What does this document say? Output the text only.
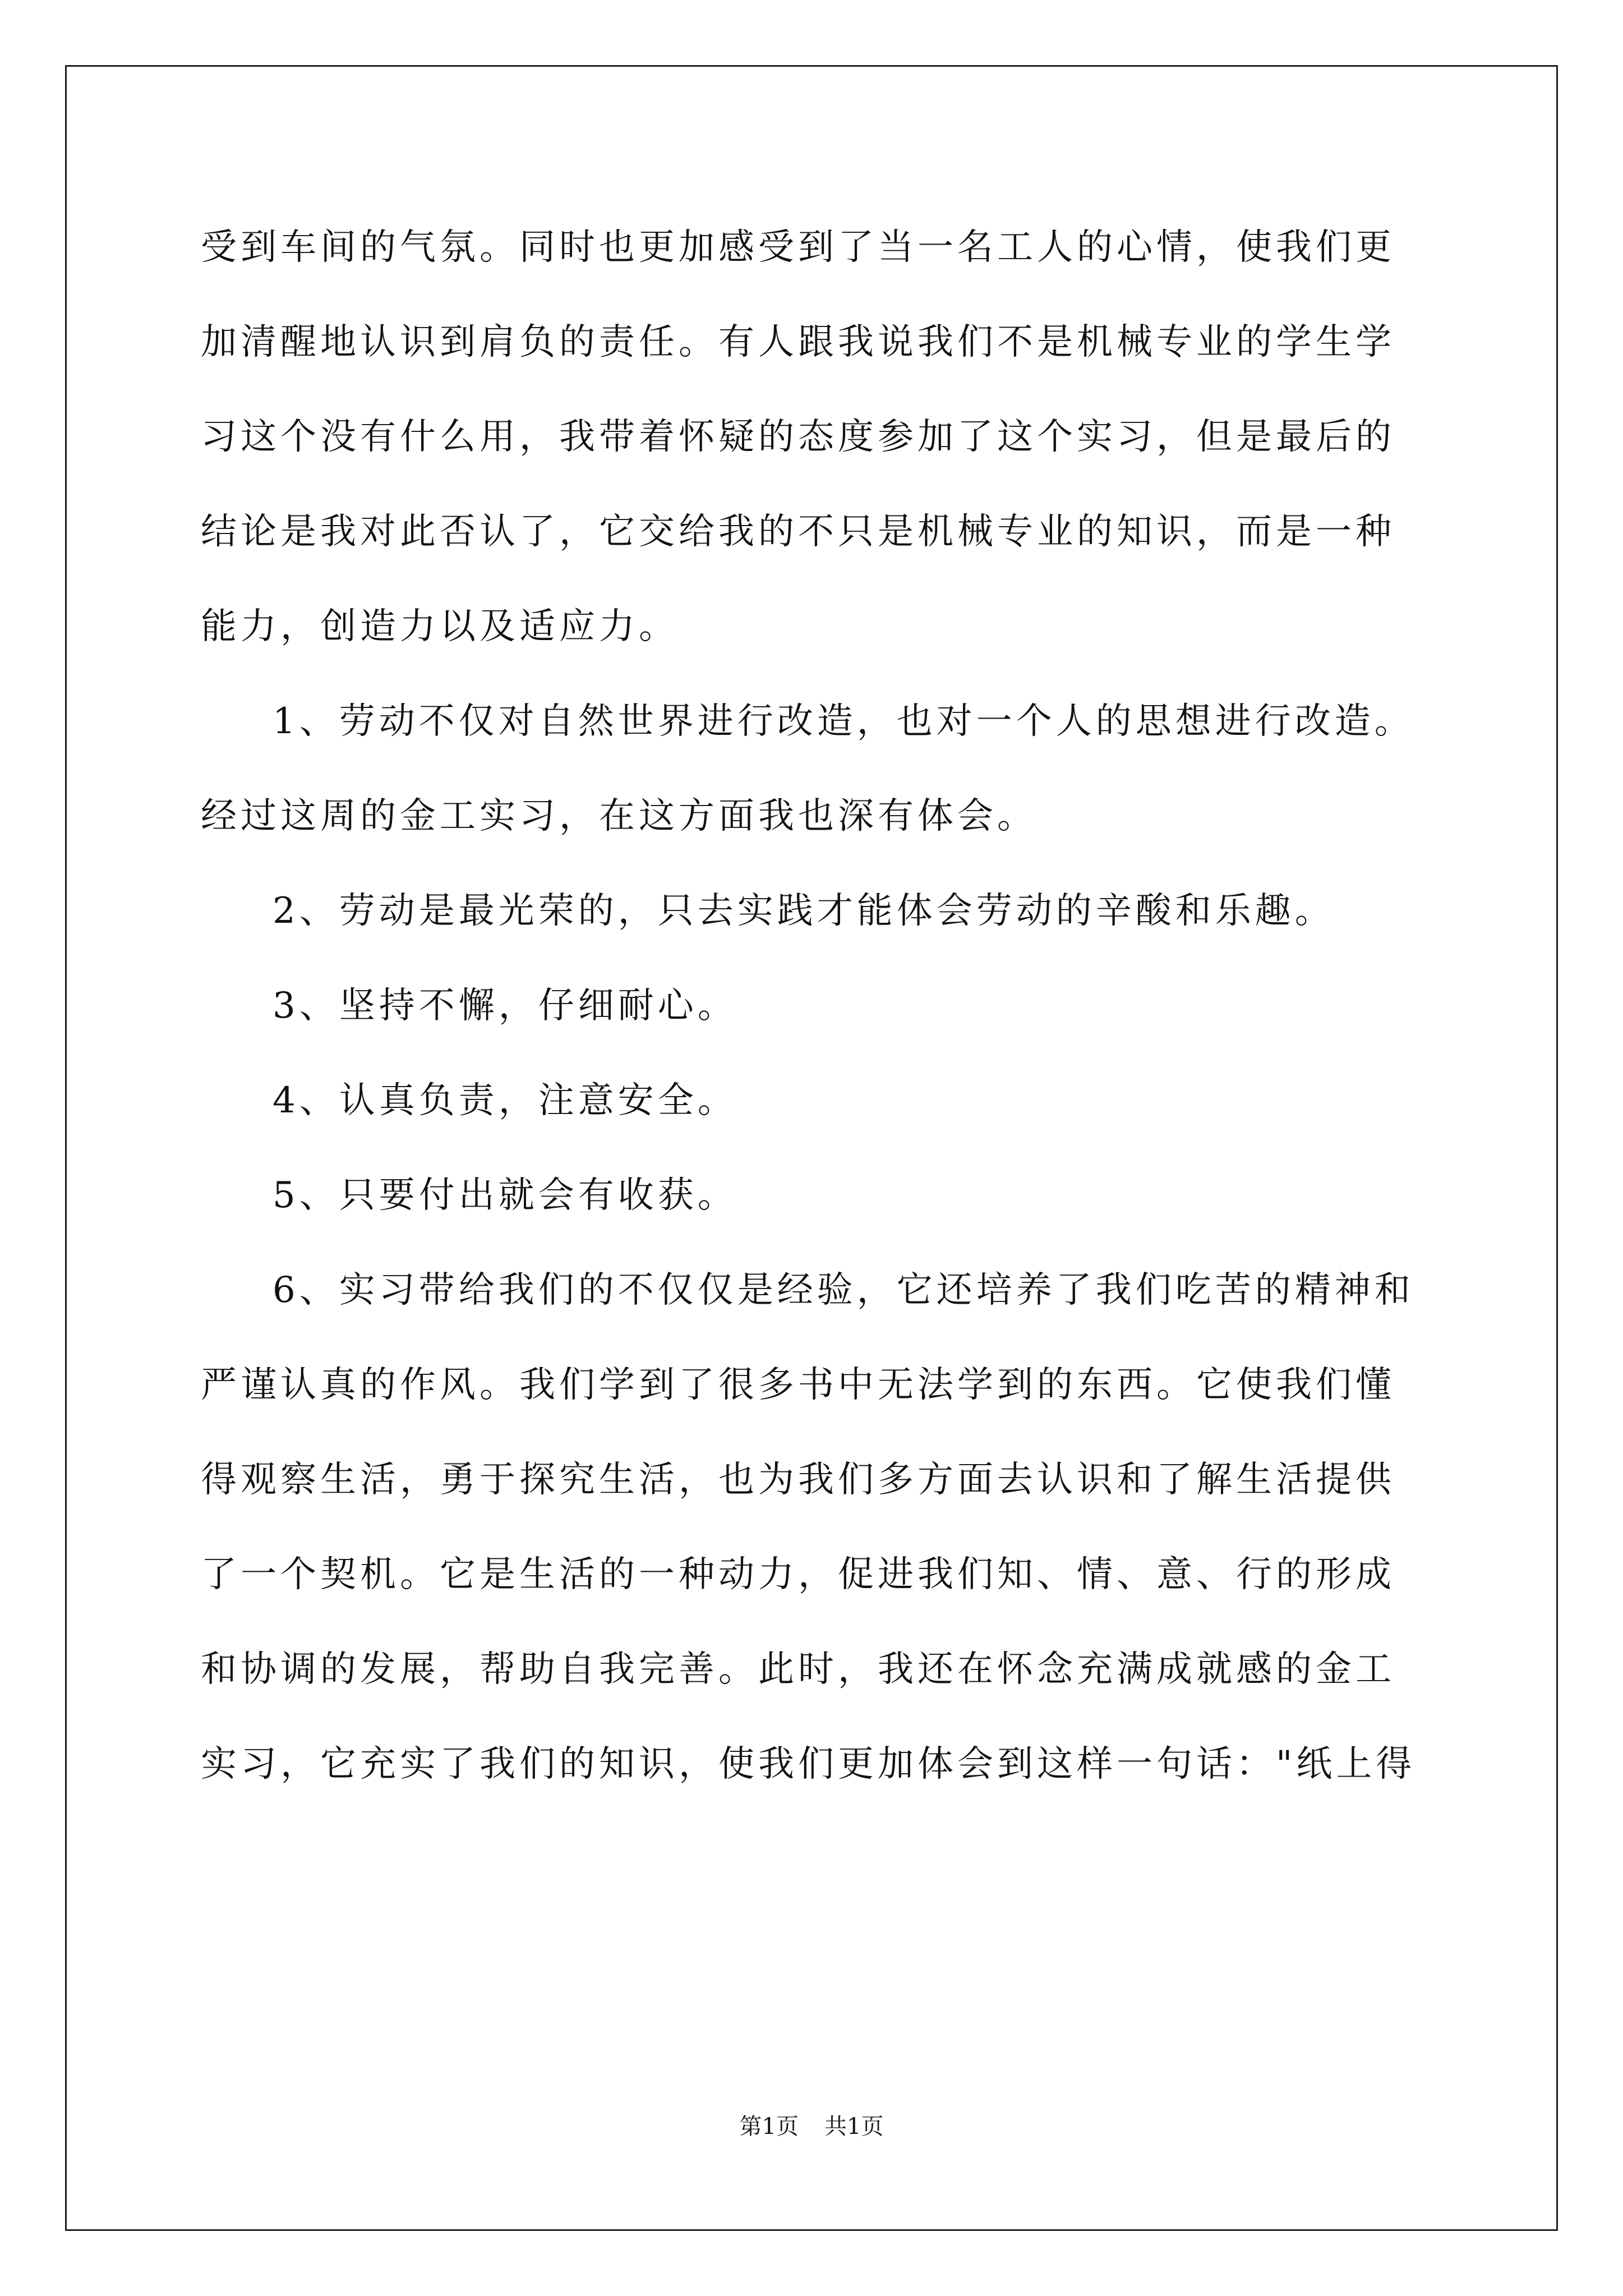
受到车间的气氛。同时也更加感受到了当一名工人的心情，使我们更
加清醒地认识到肩负的责任。有人跟我说我们不是机械专业的学生学
习这个没有什么用，我带着怀疑的态度参加了这个实习，但是最后的
结论是我对此否认了，它交给我的不只是机械专业的知识，而是一种
能力，创造力以及适应力。
1、劳动不仅对自然世界进行改造，也对一个人的思想进行改造。
经过这周的金工实习，在这方面我也深有体会。
2、劳动是最光荣的，只去实践才能体会劳动的辛酸和乐趣。
3、坚持不懈，仔细耐心。
4、认真负责，注意安全。
5、只要付出就会有收获。
6、实习带给我们的不仅仅是经验，它还培养了我们吃苦的精神和
严谨认真的作风。我们学到了很多书中无法学到的东西。它使我们懂
得观察生活，勇于探究生活，也为我们多方面去认识和了解生活提供
了一个契机。它是生活的一种动力，促进我们知、情、意、行的形成
和协调的发展，帮助自我完善。此时，我还在怀念充满成就感的金工
实习，它充实了我们的知识，使我们更加体会到这样一句话："纸上得
第1页 共1页
